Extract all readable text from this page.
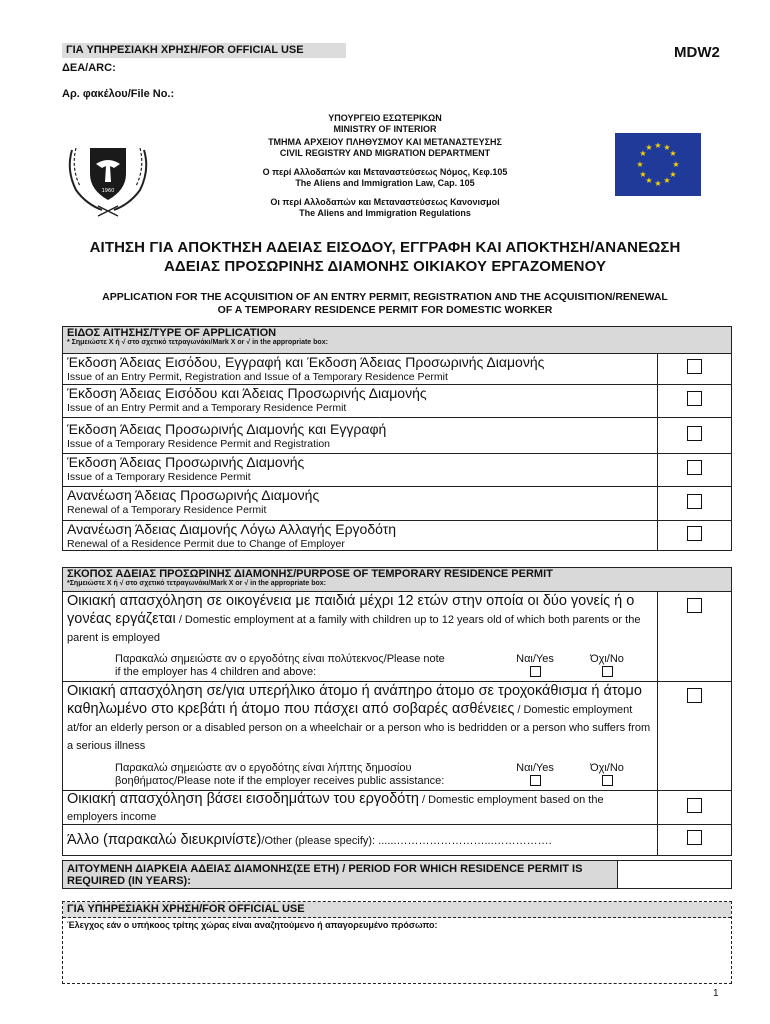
ΓΙΑ ΥΠΗΡΕΣΙΑΚΗ ΧΡΗΣΗ/FOR OFFICIAL USE	MDW2
ΔΕΑ/ARC:
Αρ. φακέλου/File No.:
1960
★ ★
★
★
★
★
★
★
★
★
★
★
ΥΠΟΥΡΓΕΙΟ ΕΣΩΤΕΡΙΚΩΝ
MINISTRY OF INTERIOR
ΤΜΗΜΑ ΑΡΧΕΙΟΥ ΠΛΗΘΥΣΜΟΥ ΚΑΙ ΜΕΤΑΝΑΣΤΕΥΣΗΣ
CIVIL REGISTRY AND MIGRATION DEPARTMENT
Ο περί Αλλοδαπών και Μεταναστεύσεως Νόμος, Κεφ.105
The Aliens and Immigration Law, Cap. 105
Οι περί Αλλοδαπών και Μεταναστεύσεως Κανονισμοί
The Aliens and Immigration Regulations
ΑΙΤΗΣΗ ΓΙΑ ΑΠΟΚΤΗΣΗ ΑΔΕΙΑΣ ΕΙΣΟΔΟΥ, ΕΓΓΡΑΦΗ ΚΑΙ ΑΠΟΚΤΗΣΗ/ΑΝΑΝΕΩΣΗ
ΑΔΕΙΑΣ ΠΡΟΣΩΡΙΝΗΣ ΔΙΑΜΟΝΗΣ ΟΙΚΙΑΚΟΥ ΕΡΓΑΖΟΜΕΝΟΥ
APPLICATION FOR THE ACQUISITION OF AN ENTRY PERMIT, REGISTRATION AND THE ACQUISITION/RENEWAL
OF A TEMPORARY RESIDENCE PERMIT FOR DOMESTIC WORKER
ΕΙΔΟΣ ΑΙΤΗΣΗΣ/TYPE OF APPLICATION
* Σημειώστε Χ ή √ στο σχετικό τετραγωνάκι/Mark X or √ in the appropriate box:	

Έκδοση Άδειας Εισόδου, Εγγραφή και Έκδοση Άδειας Προσωρινής Διαμονής
Issue of an Entry Permit, Registration and Issue of a Temporary Residence Permit	

Έκδοση Άδειας Εισόδου και Άδειας Προσωρινής Διαμονής
Issue of an Entry Permit and a Temporary Residence Permit	

Έκδοση Άδειας Προσωρινής Διαμονής και Εγγραφή
Issue of a Temporary Residence Permit and Registration	

Έκδοση Άδειας Προσωρινής Διαμονής
Issue of a Temporary Residence Permit	

Ανανέωση Άδειας Προσωρινής Διαμονής
Renewal of a Temporary Residence Permit	

Ανανέωση Άδειας Διαμονής Λόγω Αλλαγής Εργοδότη
Renewal of a Residence Permit due to Change of Employer	

ΣΚΟΠΟΣ ΑΔΕΙΑΣ ΠΡΟΣΩΡΙΝΗΣ ΔΙΑΜΟΝΗΣ/PURPOSE OF TEMPORARY RESIDENCE PERMIT
*Σημειώστε Χ ή √ στο σχετικό τετραγωνάκι/Mark X or √ in the appropriate box:	

Οικιακή απασχόληση σε οικογένεια με παιδιά μέχρι 12 ετών στην οποία οι δύο γονείς ή ο γονέας εργάζεται / Domestic employment at a family with children up to 12 years old of which both parents or the parent is employed
Παρακαλώ σημειώστε αν ο εργοδότης είναι πολύτεκνος/Please note
if the employer has 4 children and above:
Ναι/Yes Όχι/No	

Οικιακή απασχόληση σε/για υπερήλικο άτομο ή ανάπηρο άτομο σε τροχοκάθισμα ή άτομο καθηλωμένο στο κρεβάτι ή άτομο που πάσχει από σοβαρές ασθένειες / Domestic employment at/for an elderly person or a disabled person on a wheelchair or a person who is bedridden or a person who suffers from a serious illness
Παρακαλώ σημειώστε αν ο εργοδότης είναι λήπτης δημοσίου
βοηθήματος/Please note if the employer receives public assistance:
Ναι/Yes Όχι/No	

Οικιακή απασχόληση βάσει εισοδημάτων του εργοδότη / Domestic employment based on the employers income	

Άλλο (παρακαλώ διευκρινίστε)/Other (please specify): ......……………………...…………….	
ΑΙΤΟΥΜΕΝΗ ΔΙΑΡΚΕΙΑ ΑΔΕΙΑΣ ΔΙΑΜΟΝΗΣ(ΣΕ ΕΤΗ) / PERIOD FOR WHICH RESIDENCE PERMIT IS REQUIRED (IN YEARS):	
ΓΙΑ ΥΠΗΡΕΣΙΑΚΗ ΧΡΗΣΗ/FOR OFFICIAL USE
Έλεγχος εάν ο υπήκοος τρίτης χώρας είναι αναζητούμενο ή απαγορευμένο πρόσωπο:
1
